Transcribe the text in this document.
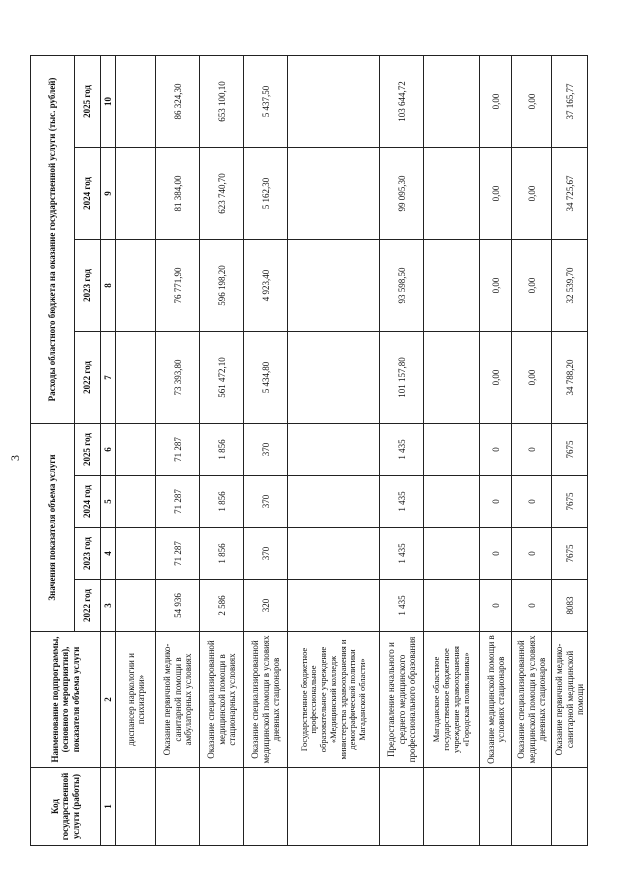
3
Код государственной услуги (работы)	Наименование подпрограммы, (основного мероприятия), показателя объема услуги	Значения показателя объема услуги				Расходы областного бюджета на оказание государственной услуги (тыс. рублей)			
		2022 год	2023 год	2024 год	2025 год	2022 год	2023 год	2024 год	2025 год
1	2	3	4	5	6	7	8	9	10
	диспансер наркологии и психиатрии»								
	Оказание первичной медико-санитарной помощи в амбулаторных условиях	54 936	71 287	71 287	71 287	73 393,80	76 771,90	81 384,00	86 324,30
	Оказание специализированной медицинской помощи в стационарных условиях	2 586	1 856	1 856	1 856	561 472,10	596 198,20	623 740,70	653 100,10
	Оказание специализированной медицинской помощи в условиях дневных стационаров	320	370	370	370	5 434,80	4 923,40	5 162,30	5 437,50
	Государственное бюджетное профессиональное образовательное учреждение «Медицинский колледж министерства здравоохранения и демографической политики Магаданской области»								
	Предоставление начального и среднего медицинского профессионального образования	1 435	1 435	1 435	1 435	101 157,80	93 598,50	99 095,30	103 644,72
	Магаданское областное государственное бюджетное учреждение здравоохранения «Городская поликлиника»								
	Оказание медицинской помощи в условиях стационаров	0	0	0	0	0,00	0,00	0,00	0,00
	Оказание специализированной медицинской помощи в условиях дневных стационаров	0	0	0	0	0,00	0,00	0,00	0,00
	Оказание первичной медико-санитарной медицинской помощи	8083	7675	7675	7675	34 788,20	32 539,70	34 725,67	37 165,77
